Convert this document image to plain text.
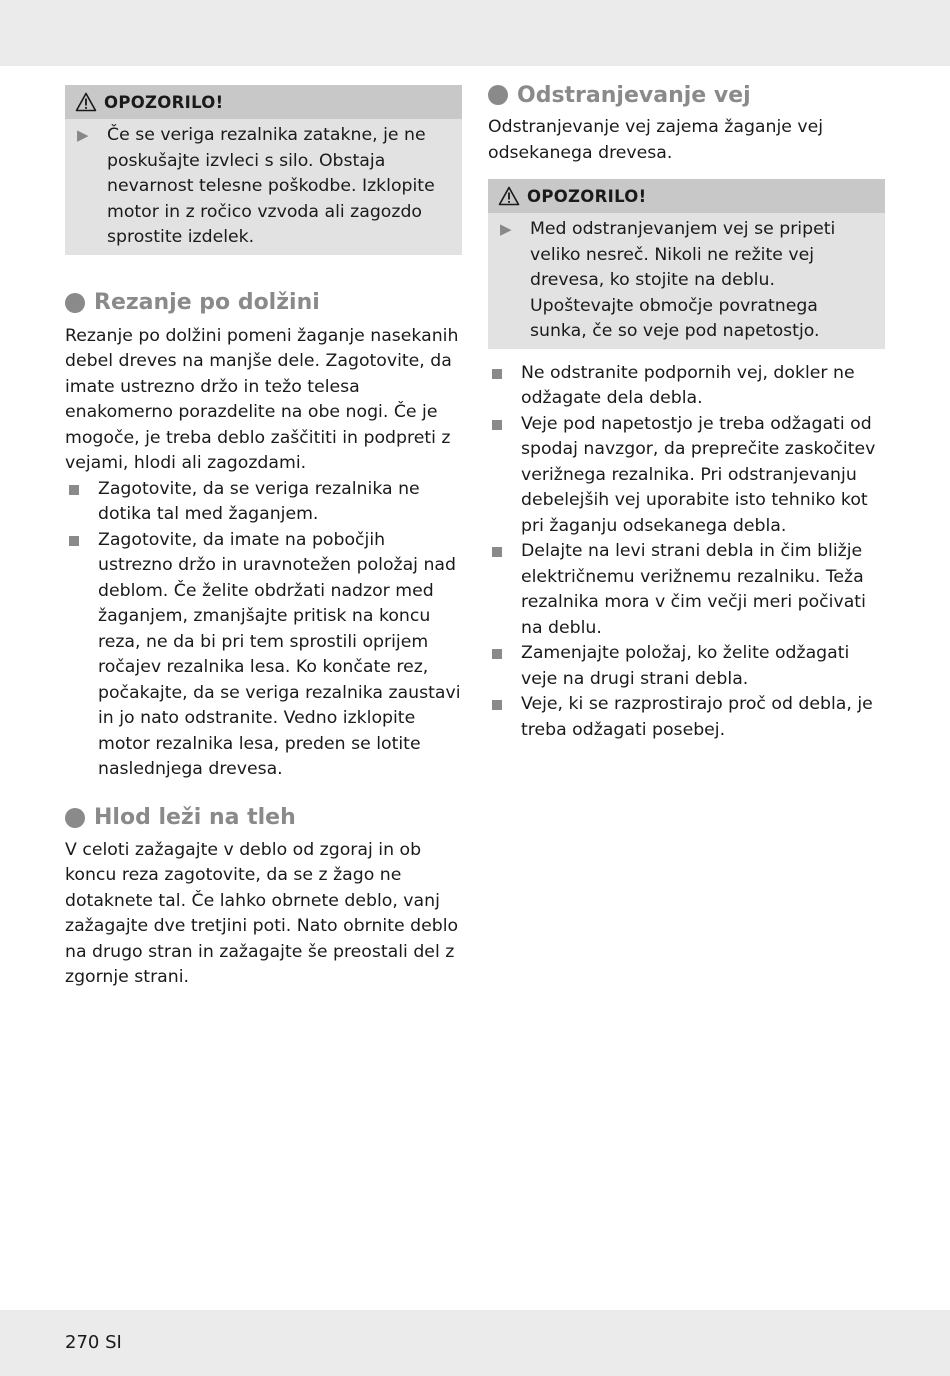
OPOZORILO!
▶	Če se veriga rezalnika zatakne, je ne poskušajte izvleci s silo. Obstaja nevarnost telesne poškodbe. Izklopite motor in z ročico vzvoda ali zagozdo sprostite izdelek.
Rezanje po dolžini

Rezanje po dolžini pomeni žaganje nasekanih debel dreves na manjše dele. Zagotovite, da imate ustrezno držo in težo telesa enakomerno porazdelite na obe nogi. Če je mogoče, je treba deblo zaščititi in podpreti z vejami, hlodi ali zagozdami.

Zagotovite, da se veriga rezalnika ne dotika tal med žaganjem.
Zagotovite, da imate na pobočjih ustrezno držo in uravnotežen položaj nad deblom. Če želite obdržati nadzor med žaganjem, zmanjšajte pritisk na koncu reza, ne da bi pri tem sprostili oprijem ročajev rezalnika lesa. Ko končate rez, počakajte, da se veriga rezalnika zaustavi in jo nato odstranite. Vedno izklopite motor rezalnika lesa, preden se lotite naslednjega drevesa.
Hlod leži na tleh

V celoti zažagajte v deblo od zgoraj in ob koncu reza zagotovite, da se z žago ne dotaknete tal. Če lahko obrnete deblo, vanj zažagajte dve tretjini poti. Nato obrnite deblo na drugo stran in zažagajte še preostali del z zgornje strani.

Odstranjevanje vej

Odstranjevanje vej zajema žaganje vej odsekanega drevesa.

OPOZORILO!
▶	Med odstranjevanjem vej se pripeti veliko nesreč. Nikoli ne režite vej drevesa, ko stojite na deblu. Upoštevajte območje povratnega sunka, če so veje pod napetostjo.
Ne odstranite podpornih vej, dokler ne odžagate dela debla.
Veje pod napetostjo je treba odžagati od spodaj navzgor, da preprečite zaskočitev verižnega rezalnika. Pri odstranjevanju debelejših vej uporabite isto tehniko kot pri žaganju odsekanega debla.
Delajte na levi strani debla in čim bližje električnemu verižnemu rezalniku. Teža rezalnika mora v čim večji meri počivati na deblu.
Zamenjajte položaj, ko želite odžagati veje na drugi strani debla.
Veje, ki se razprostirajo proč od debla, je treba odžagati posebej.
270 SI
